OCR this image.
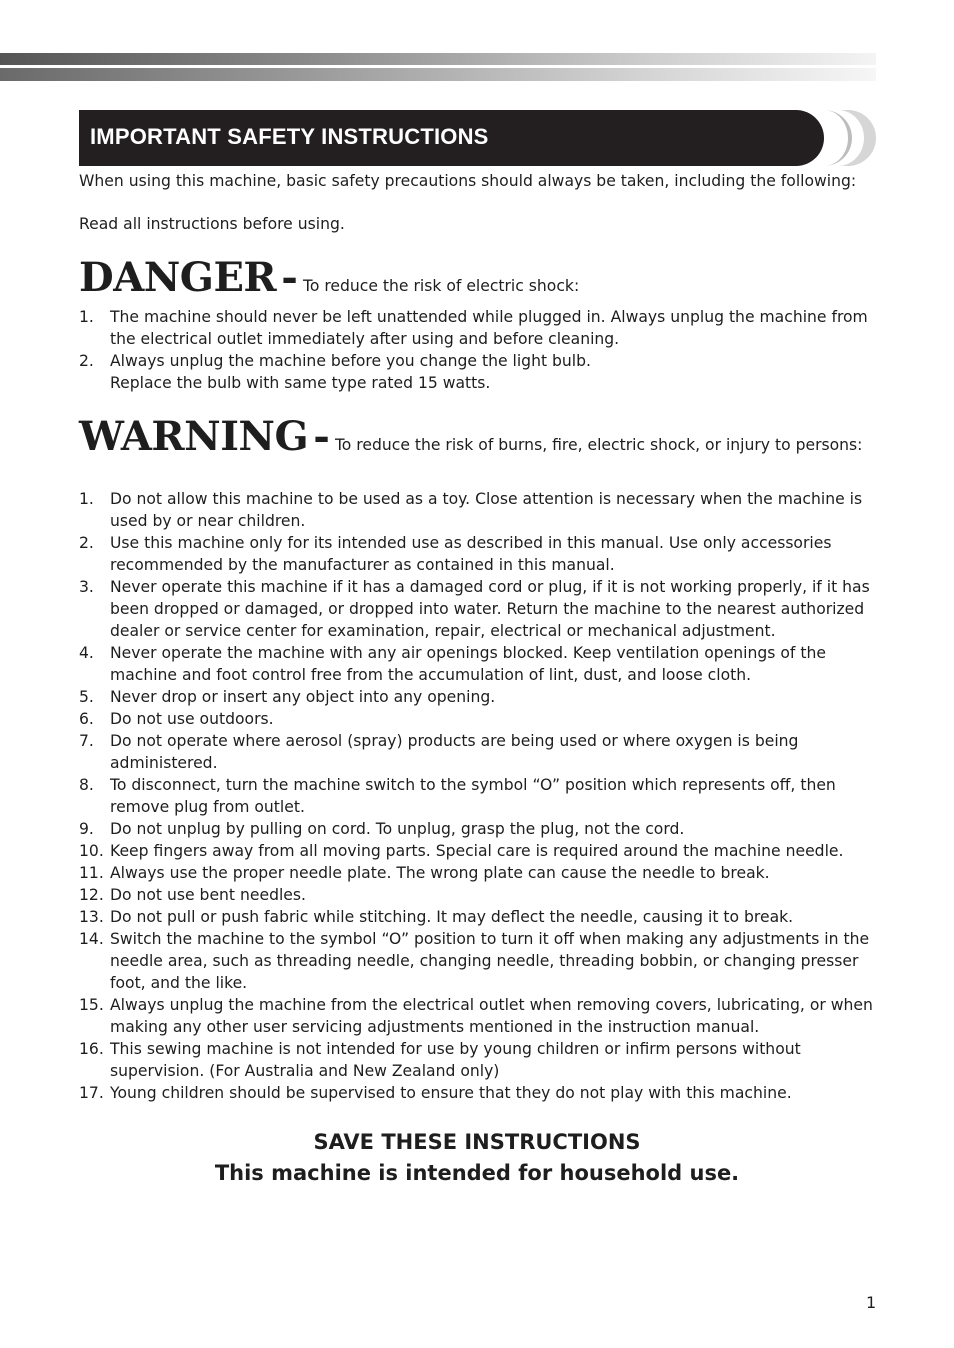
IMPORTANT SAFETY INSTRUCTIONS

When using this machine, basic safety precautions should always be taken, including the following:

Read all instructions before using.

DANGER - To reduce the risk of electric shock:
1. The machine should never be left unattended while plugged in. Always unplug the machine from the electrical outlet immediately after using and before cleaning.
2. Always unplug the machine before you change the light bulb.
Replace the bulb with same type rated 15 watts.
WARNING - To reduce the risk of burns, fire, electric shock, or injury to persons:
1. Do not allow this machine to be used as a toy. Close attention is necessary when the machine is used by or near children.
2. Use this machine only for its intended use as described in this manual. Use only accessories recommended by the manufacturer as contained in this manual.
3. Never operate this machine if it has a damaged cord or plug, if it is not working properly, if it has been dropped or damaged, or dropped into water. Return the machine to the nearest authorized dealer or service center for examination, repair, electrical or mechanical adjustment.
4. Never operate the machine with any air openings blocked. Keep ventilation openings of the machine and foot control free from the accumulation of lint, dust, and loose cloth.
5. Never drop or insert any object into any opening.
6. Do not use outdoors.
7. Do not operate where aerosol (spray) products are being used or where oxygen is being administered.
8. To disconnect, turn the machine switch to the symbol “O” position which represents off, then remove plug from outlet.
9. Do not unplug by pulling on cord. To unplug, grasp the plug, not the cord.
10. Keep fingers away from all moving parts. Special care is required around the machine needle.
11. Always use the proper needle plate. The wrong plate can cause the needle to break.
12. Do not use bent needles.
13. Do not pull or push fabric while stitching. It may deflect the needle, causing it to break.
14. Switch the machine to the symbol “O” position to turn it off when making any adjustments in the needle area, such as threading needle, changing needle, threading bobbin, or changing presser foot, and the like.
15. Always unplug the machine from the electrical outlet when removing covers, lubricating, or when making any other user servicing adjustments mentioned in the instruction manual.
16. This sewing machine is not intended for use by young children or infirm persons without supervision. (For Australia and New Zealand only)
17. Young children should be supervised to ensure that they do not play with this machine.
SAVE THESE INSTRUCTIONS
This machine is intended for household use.
1
